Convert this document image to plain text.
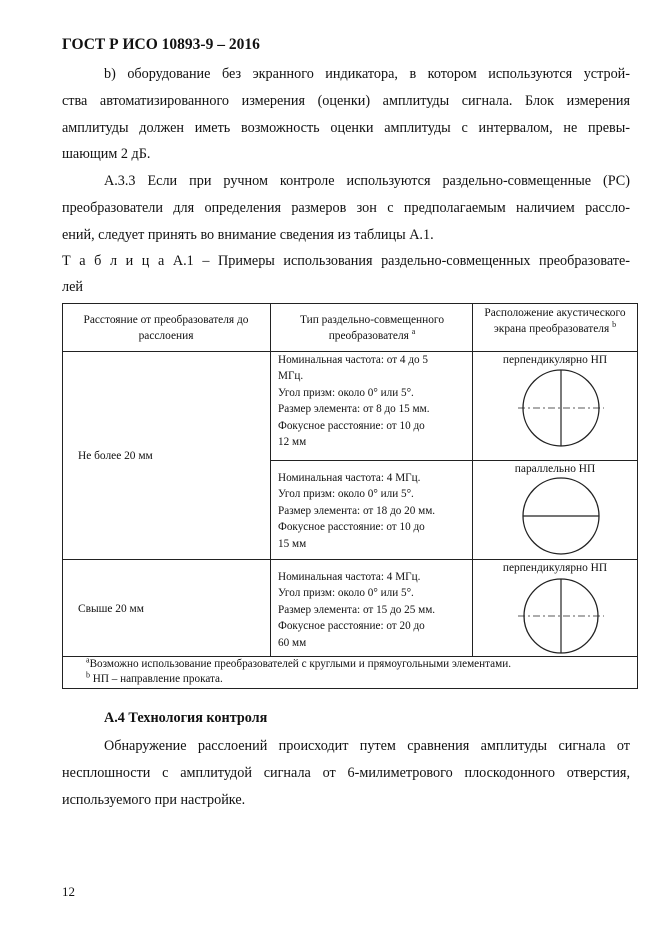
ГОСТ Р ИСО 10893-9 – 2016
b) оборудование без экранного индикатора, в котором используются устрой-
ства автоматизированного измерения (оценки) амплитуды сигнала. Блок измерения
амплитуды должен иметь возможность оценки амплитуды с интервалом, не превы-
шающим 2 дБ.
А.3.3 Если при ручном контроле используются раздельно-совмещенные (РС)
преобразователи для определения размеров зон с предполагаемым наличием рассло-
ений, следует принять во внимание сведения из таблицы А.1.
Т а б л и ц а А.1 – Примеры использования раздельно-совмещенных преобразовате-
лей
Расстояние от преобразователя до расслоения
Тип раздельно-совмещенного преобразователя $^а$
Расположение акустического экрана преобразователя $^b$
Не более 20 мм
Свыше 20 мм
Номинальная частота: от 4 до 5
МГц.
Угол призм: около 0° или 5°.
Размер элемента: от 8 до 15 мм.
Фокусное расстояние: от 10 до
12 мм
Номинальная частота: 4 МГц.
Угол призм: около 0° или 5°.
Размер элемента: от 18 до 20 мм.
Фокусное расстояние: от 10 до
15 мм
Номинальная частота: 4 МГц.
Угол призм: около 0° или 5°.
Размер элемента: от 15 до 25 мм.
Фокусное расстояние: от 20 до
60 мм
перпендикулярно НП
параллельно НП
перпендикулярно НП
$^а$Возможно использование преобразователей с круглыми и прямоугольными элементами.
$^b$ НП – направление проката.
А.4 Технология контроля
Обнаружение расслоений происходит путем сравнения амплитуды сигнала от
несплошности с амплитудой сигнала от 6-милиметрового плоскодонного отверстия,
используемого при настройке.
12
